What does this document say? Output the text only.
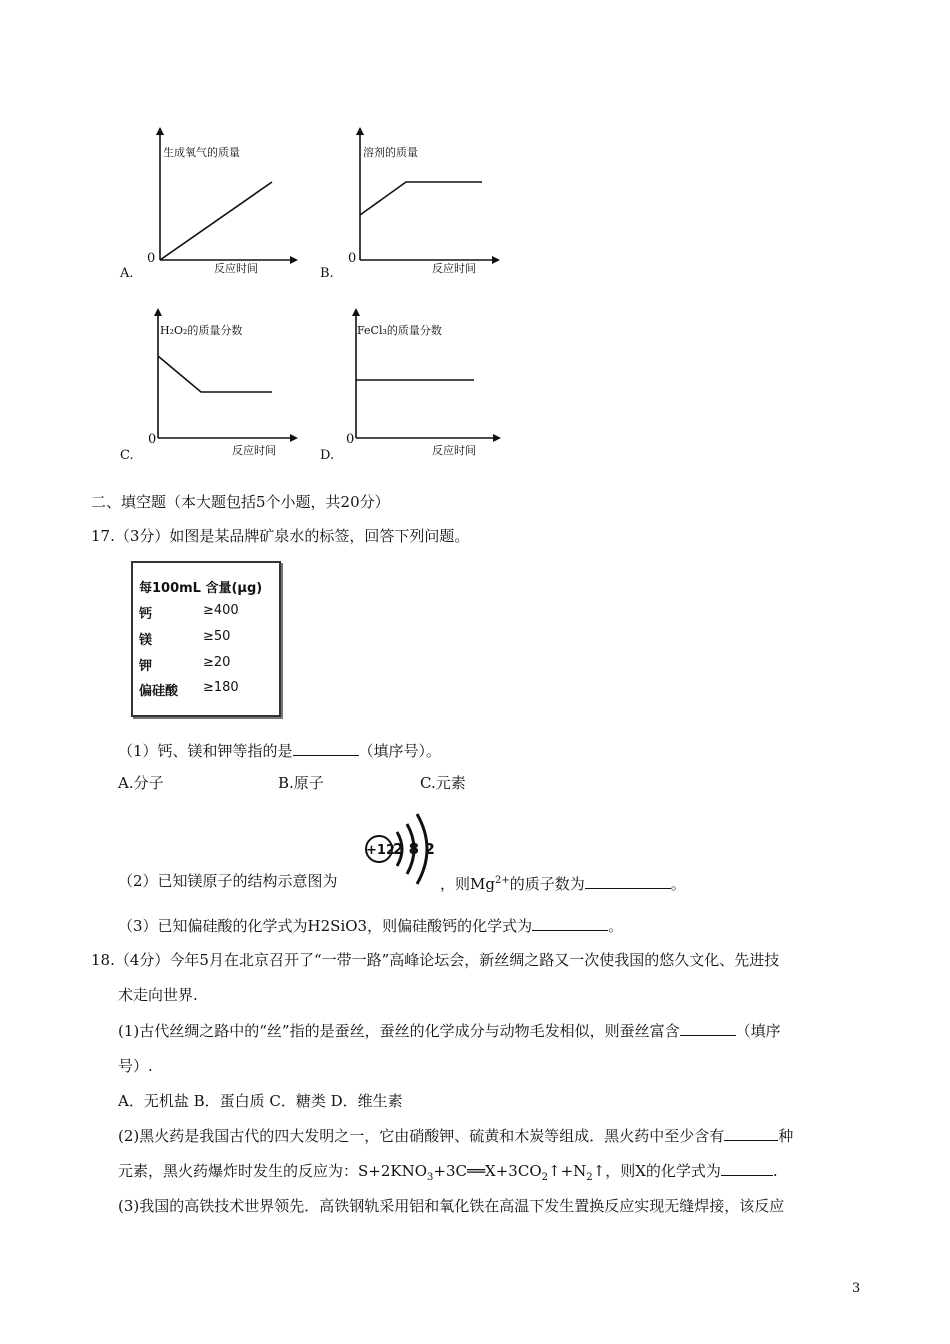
生成氧气的质量
0
反应时间
A.
溶剂的质量
0
反应时间
B.
H₂O₂的质量分数
0
反应时间
C.
FeCl₃的质量分数
0
反应时间
D.
二、填空题（本大题包括5个小题，共20分）
17.（3分）如图是某品牌矿泉水的标签，回答下列问题。
每100mL 含量(μg)
钙	≥400
镁	≥50
钾	≥20
偏硅酸 ≥180
（1）钙、镁和钾等指的是	（填序号）。
A.分子	B.原子	C.元素
+12
2 8 2
（2）已知镁原子的结构示意图为	，则$Mg^{2+}$的质子数为	。
（3）已知偏硅酸的化学式为H2SiO3，则偏硅酸钙的化学式为	。
18.（4分）今年5月在北京召开了“一带一路”高峰论坛会，新丝绸之路又一次使我国的悠久文化、先进技
术走向世界.
(1)古代丝绸之路中的“丝”指的是蚕丝，蚕丝的化学成分与动物毛发相似，则蚕丝富含	（填序
号）.
A．无机盐 B．蛋白质 C．糖类 D．维生素
(2)黑火药是我国古代的四大发明之一，它由硝酸钾、硫黄和木炭等组成．黑火药中至少含有	种
元素，黑火药爆炸时发生的反应为：$S+2KNO_3+3C══X+3CO_2↑+N_2↑$，则X的化学式为	.
(3)我国的高铁技术世界领先．高铁钢轨采用铝和氧化铁在高温下发生置换反应实现无缝焊接，该反应
3
